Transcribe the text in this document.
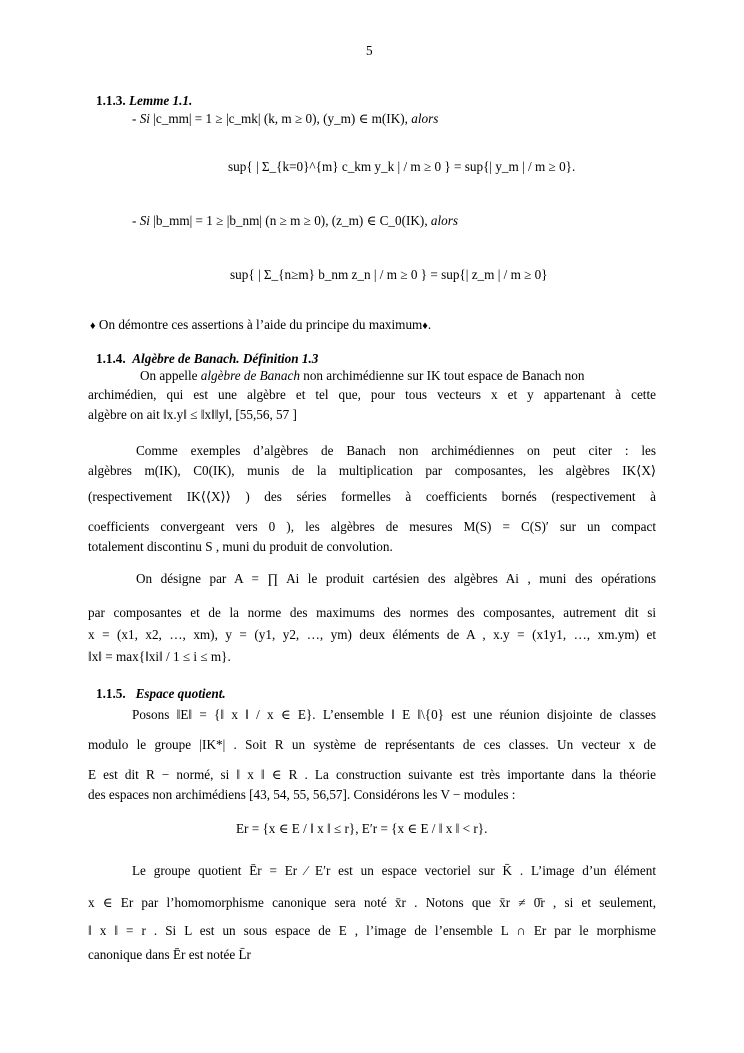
5
1.1.3. Lemme 1.1.
- Si |c_mm| = 1 ≥ |c_mk| (k, m ≥ 0), (y_m) ∈ m(IK), alors
sup{ | Σ_{k=0}^{m} c_km y_k | / m ≥ 0 } = sup{| y_m | / m ≥ 0}.
- Si |b_mm| = 1 ≥ |b_nm| (n ≥ m ≥ 0), (z_m) ∈ C_0(IK), alors
sup{ | Σ_{n≥m} b_nm z_n | / m ≥ 0 } = sup{| z_m | / m ≥ 0}
♦ On démontre ces assertions à l’aide du principe du maximum♦.
1.1.4. Algèbre de Banach. Définition 1.3
On appelle algèbre de Banach non archimédienne sur IK tout espace de Banach non
archimédien, qui est une algèbre et tel que, pour tous vecteurs x et y appartenant à cette
algèbre on ait ‖x.y‖ ≤ ‖x‖‖y‖, [55,56, 57 ]
Comme exemples d’algèbres de Banach non archimédiennes on peut citer : les
algèbres m(IK), C0(IK), munis de la multiplication par composantes, les algèbres IK⟨X⟩
(respectivement IK⟨⟨X⟩⟩ ) des séries formelles à coefficients bornés (respectivement à
coefficients convergeant vers 0 ), les algèbres de mesures M(S) = C(S)′ sur un compact
totalement discontinu S , muni du produit de convolution.
On désigne par A = ∏ Ai le produit cartésien des algèbres Ai , muni des opérations
par composantes et de la norme des maximums des normes des composantes, autrement dit si
x = (x1, x2, …, xm), y = (y1, y2, …, ym) deux éléments de A , x.y = (x1y1, …, xm.ym) et
‖x‖ = max{‖xi‖ / 1 ≤ i ≤ m}.
1.1.5. Espace quotient.
Posons ‖E‖ = {‖ x ‖ / x ∈ E}. L’ensemble ‖ E ‖\{0} est une réunion disjointe de classes
modulo le groupe |IK*| . Soit R un système de représentants de ces classes. Un vecteur x de
E est dit R − normé, si ‖ x ‖ ∈ R . La construction suivante est très importante dans la théorie
des espaces non archimédiens [43, 54, 55, 56,57]. Considérons les V − modules :
Er = {x ∈ E / ‖ x ‖ ≤ r}, E′r = {x ∈ E / ‖ x ‖ < r}.
Le groupe quotient Ēr = Er ⁄ E′r est un espace vectoriel sur K̄ . L’image d’un élément
x ∈ Er par l’homomorphisme canonique sera noté x̄r . Notons que x̄r ≠ 0̄r , si et seulement,
‖ x ‖ = r . Si L est un sous espace de E , l’image de l’ensemble L ∩ Er par le morphisme
canonique dans Ēr est notée L̄r
